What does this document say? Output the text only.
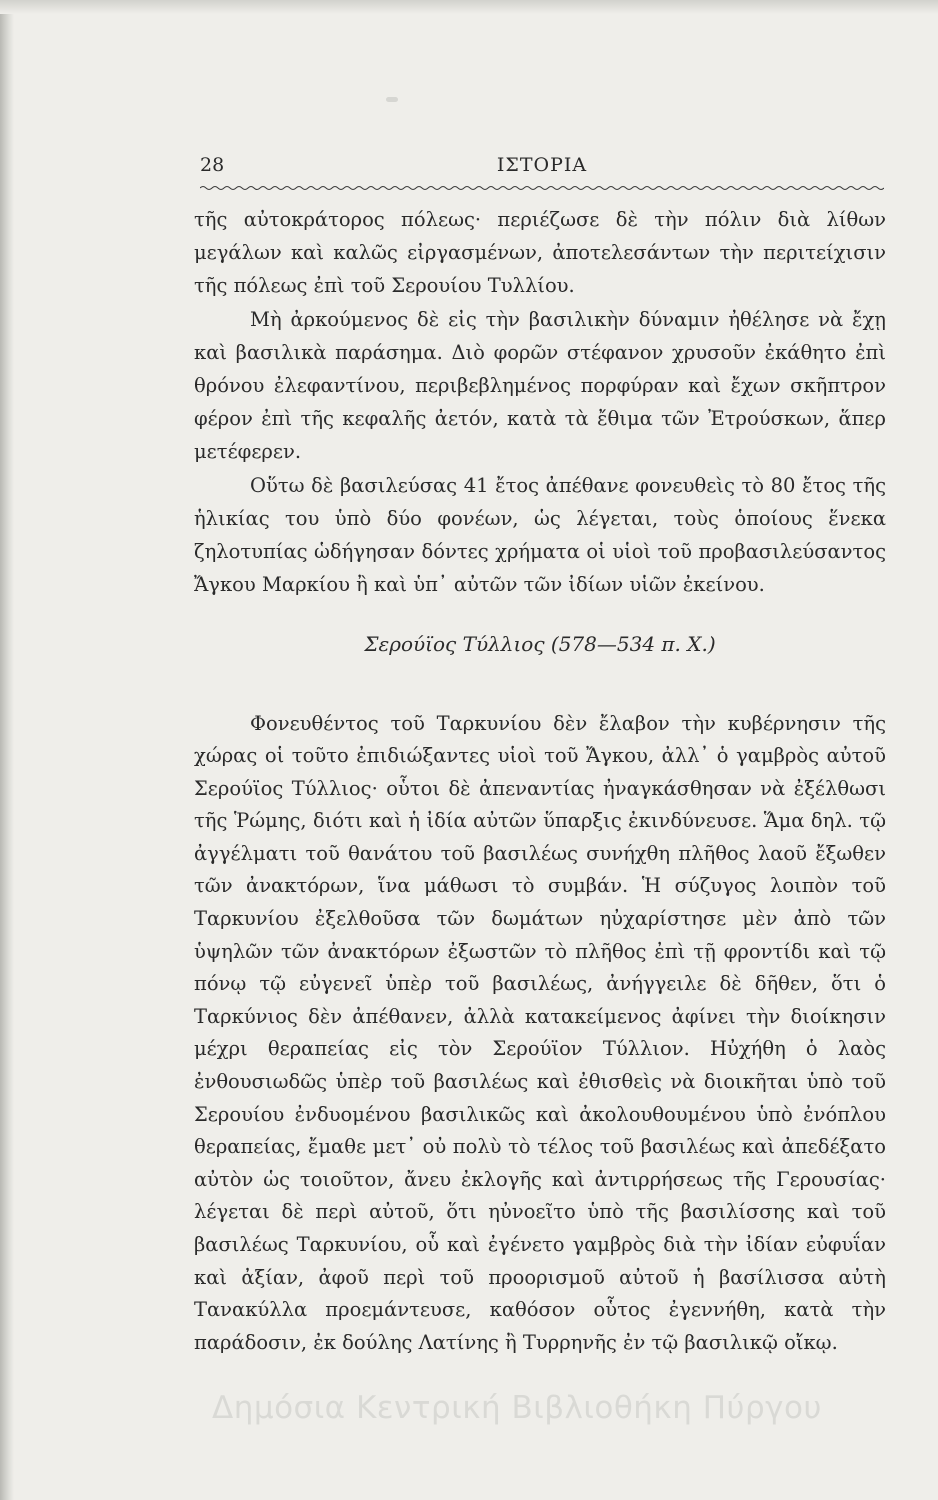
28	ΙΣΤΟΡΙΑ

τῆς αὐτοκράτορος πόλεως· περιέζωσε δὲ τὴν πόλιν διὰ λίθων μεγάλων καὶ καλῶς εἰργασμένων, ἀποτελεσάντων τὴν περιτείχισιν τῆς πόλεως ἐπὶ τοῦ Σερουίου Τυλλίου.

Μὴ ἀρκούμενος δὲ εἰς τὴν βασιλικὴν δύναμιν ἠθέλησε νὰ ἔχῃ καὶ βασιλικὰ παράσημα. Διὸ φορῶν στέφανον χρυσοῦν ἐκάθητο ἐπὶ θρόνου ἐλεφαντίνου, περιβεβλημένος πορφύραν καὶ ἔχων σκῆπτρον φέρον ἐπὶ τῆς κεφαλῆς ἀετόν, κατὰ τὰ ἔθιμα τῶν Ἐτρούσκων, ἅπερ μετέφερεν.

Οὕτω δὲ βασιλεύσας 41 ἔτος ἀπέθανε φονευθεὶς τὸ 80 ἔτος τῆς ἡλικίας του ὑπὸ δύο φονέων, ὡς λέγεται, τοὺς ὁποίους ἕνεκα ζηλοτυπίας ὡδήγησαν δόντες χρήματα οἱ υἱοὶ τοῦ προβασιλεύσαντος Ἄγκου Μαρκίου ἢ καὶ ὑπ᾽ αὐτῶν τῶν ἰδίων υἱῶν ἐκείνου.

Σερούϊος Τύλλιος (578—534 π. Χ.)

Φονευθέντος τοῦ Ταρκυνίου δὲν ἔλαβον τὴν κυβέρνησιν τῆς χώρας οἱ τοῦτο ἐπιδιώξαντες υἱοὶ τοῦ Ἄγκου, ἀλλ᾽ ὁ γαμβρὸς αὐτοῦ Σερούϊος Τύλλιος· οὗτοι δὲ ἀπεναντίας ἠναγκάσθησαν νὰ ἐξέλθωσι τῆς Ῥώμης, διότι καὶ ἡ ἰδία αὐτῶν ὕπαρξις ἐκινδύνευσε. Ἅμα δηλ. τῷ ἀγγέλματι τοῦ θανάτου τοῦ βασιλέως συνήχθη πλῆθος λαοῦ ἔξωθεν τῶν ἀνακτόρων, ἵνα μάθωσι τὸ συμβάν. Ἡ σύζυγος λοιπὸν τοῦ Ταρκυνίου ἐξελθοῦσα τῶν δωμάτων ηὐχαρίστησε μὲν ἀπὸ τῶν ὑψηλῶν τῶν ἀνακτόρων ἐξωστῶν τὸ πλῆθος ἐπὶ τῇ φροντίδι καὶ τῷ πόνῳ τῷ εὐγενεῖ ὑπὲρ τοῦ βασιλέως, ἀνήγγειλε δὲ δῆθεν, ὅτι ὁ Ταρκύνιος δὲν ἀπέθανεν, ἀλλὰ κατακείμενος ἀφίνει τὴν διοίκησιν μέχρι θεραπείας εἰς τὸν Σερούϊον Τύλλιον. Ηὐχήθη ὁ λαὸς ἐνθουσιωδῶς ὑπὲρ τοῦ βασιλέως καὶ ἐθισθεὶς νὰ διοικῆται ὑπὸ τοῦ Σερουίου ἐνδυομένου βασιλικῶς καὶ ἀκολουθουμένου ὑπὸ ἐνόπλου θεραπείας, ἔμαθε μετ᾽ οὐ πολὺ τὸ τέλος τοῦ βασιλέως καὶ ἀπεδέξατο αὐτὸν ὡς τοιοῦτον, ἄνευ ἐκλογῆς καὶ ἀντιρρήσεως τῆς Γερουσίας· λέγεται δὲ περὶ αὐτοῦ, ὅτι ηὐνοεῖτο ὑπὸ τῆς βασιλίσσης καὶ τοῦ βασιλέως Ταρκυνίου, οὗ καὶ ἐγένετο γαμβρὸς διὰ τὴν ἰδίαν εὐφυΐαν καὶ ἀξίαν, ἀφοῦ περὶ τοῦ προορισμοῦ αὐτοῦ ἡ βασίλισσα αὐτὴ Τανακύλλα προεμάντευσε, καθόσον οὗτος ἐγεννήθη, κατὰ τὴν παράδοσιν, ἐκ δούλης Λατίνης ἢ Τυρρηνῆς ἐν τῷ βασιλικῷ οἴκῳ.

Δημόσια Κεντρική Βιβλιοθήκη Πύργου
